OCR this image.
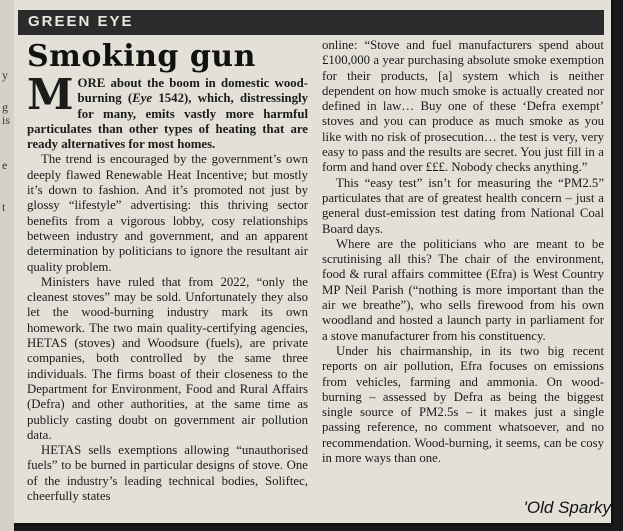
y
g
is
t
e
GREEN EYE
Smoking gun
MORE about the boom in domestic wood-burning (Eye 1542), which, distressingly for many, emits vastly more harmful particulates than other types of heating that are ready alternatives for most homes.

The trend is encouraged by the government’s own deeply flawed Renewable Heat Incentive; but mostly it’s down to fashion. And it’s promoted not just by glossy “lifestyle” advertising: this thriving sector benefits from a vigorous lobby, cosy relationships between industry and government, and an apparent determination by politicians to ignore the resultant air quality problem.

Ministers have ruled that from 2022, “only the cleanest stoves” may be sold. Unfortunately they also let the wood-burning industry mark its own homework. The two main quality-certifying agencies, HETAS (stoves) and Woodsure (fuels), are private companies, both controlled by the same three individuals. The firms boast of their closeness to the Department for Environment, Food and Rural Affairs (Defra) and other authorities, at the same time as publicly casting doubt on government air pollution data.

HETAS sells exemptions allowing “unauthorised fuels” to be burned in particular designs of stove. One of the industry’s leading technical bodies, Solifteс, cheerfully states

online: “Stove and fuel manufacturers spend about £100,000 a year purchasing absolute smoke exemption for their products, [a] system which is neither dependent on how much smoke is actually created nor defined in law… Buy one of these ‘Defra exempt’ stoves and you can produce as much smoke as you like with no risk of prosecution… the test is very, very easy to pass and the results are secret. You just fill in a form and hand over £££. Nobody checks anything.”

This “easy test” isn’t for measuring the “PM2.5” particulates that are of greatest health concern – just a general dust-emission test dating from National Coal Board days.

Where are the politicians who are meant to be scrutinising all this? The chair of the environment, food & rural affairs committee (Efra) is West Country MP Neil Parish (“nothing is more important than the air we breathe”), who sells firewood from his own woodland and hosted a launch party in parliament for a stove manufacturer from his constituency.

Under his chairmanship, in its two big recent reports on air pollution, Efra focuses on emissions from vehicles, farming and ammonia. On wood-burning – assessed by Defra as being the biggest single source of PM2.5s – it makes just a single passing reference, no comment whatsoever, and no recommendation. Wood-burning, it seems, can be cosy in more ways than one.

'Old Sparky
